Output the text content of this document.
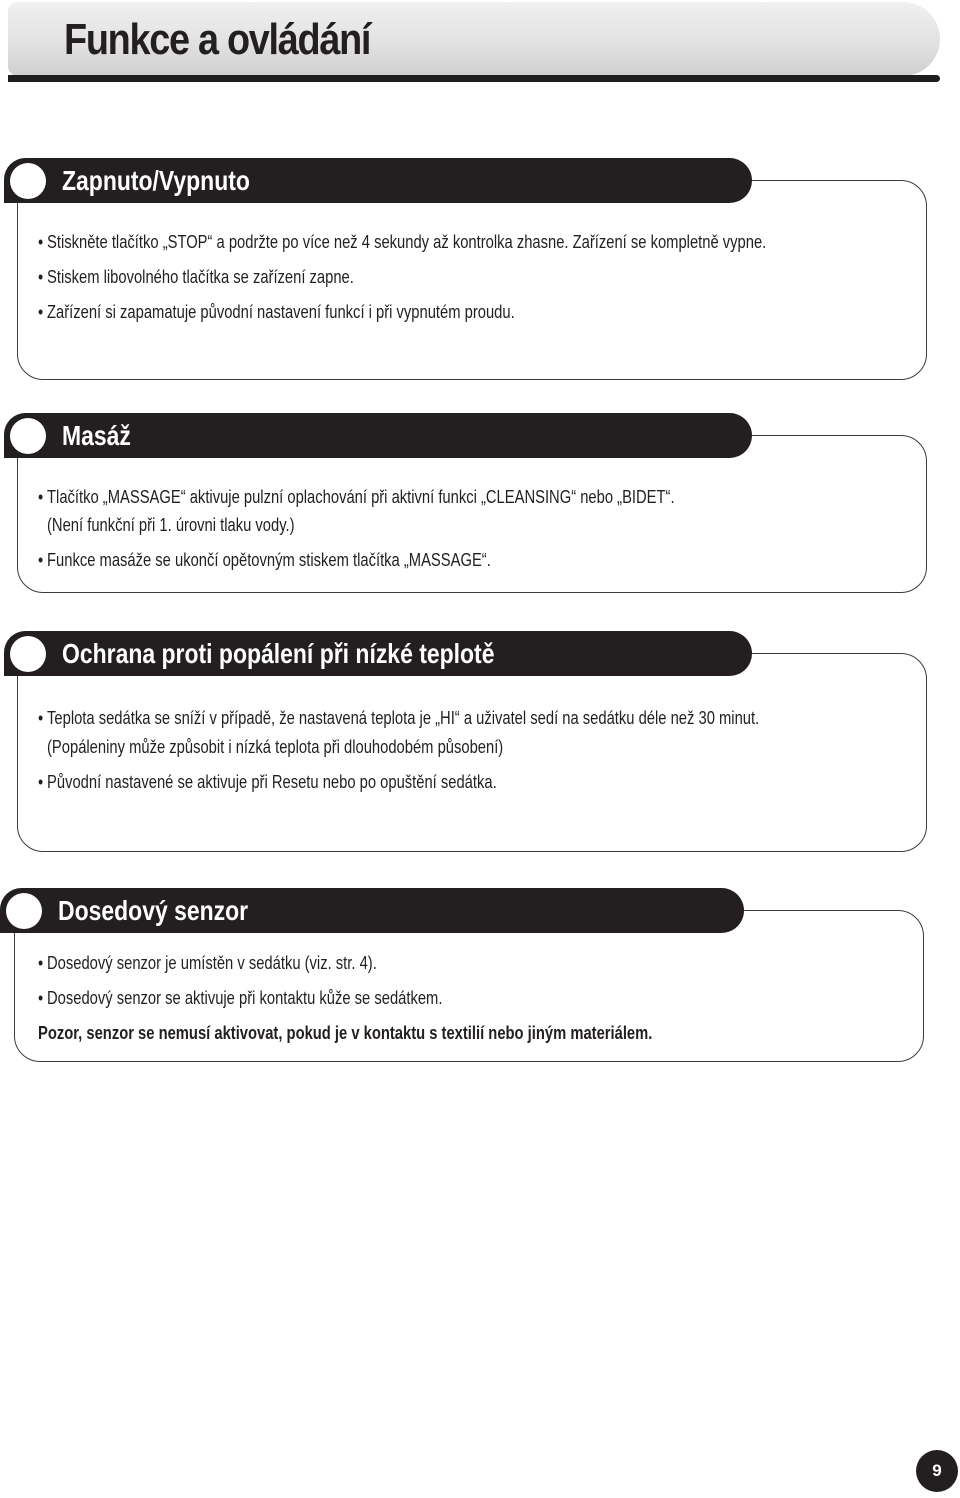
Funkce a ovládání
Zapnuto/Vypnuto
• Stiskněte tlačítko „STOP“ a podržte po více než 4 sekundy až kontrolka zhasne. Zařízení se kompletně vypne.
• Stiskem libovolného tlačítka se zařízení zapne.
• Zařízení si zapamatuje původní nastavení funkcí i při vypnutém proudu.
Masáž
• Tlačítko „MASSAGE“ aktivuje pulzní oplachování při aktivní funkci „CLEANSING“ nebo „BIDET“.
(Není funkční při 1. úrovni tlaku vody.)
• Funkce masáže se ukončí opětovným stiskem tlačítka „MASSAGE“.
Ochrana proti popálení při nízké teplotě
• Teplota sedátka se sníží v případě, že nastavená teplota je „HI“ a uživatel sedí na sedátku déle než 30 minut.
(Popáleniny může způsobit i nízká teplota při dlouhodobém působení)
• Původní nastavené se aktivuje při Resetu nebo po opuštění sedátka.
Dosedový senzor
• Dosedový senzor je umístěn v sedátku (viz. str. 4).
• Dosedový senzor se aktivuje při kontaktu kůže se sedátkem.
Pozor, senzor se nemusí aktivovat, pokud je v kontaktu s textilií nebo jiným materiálem.
9
